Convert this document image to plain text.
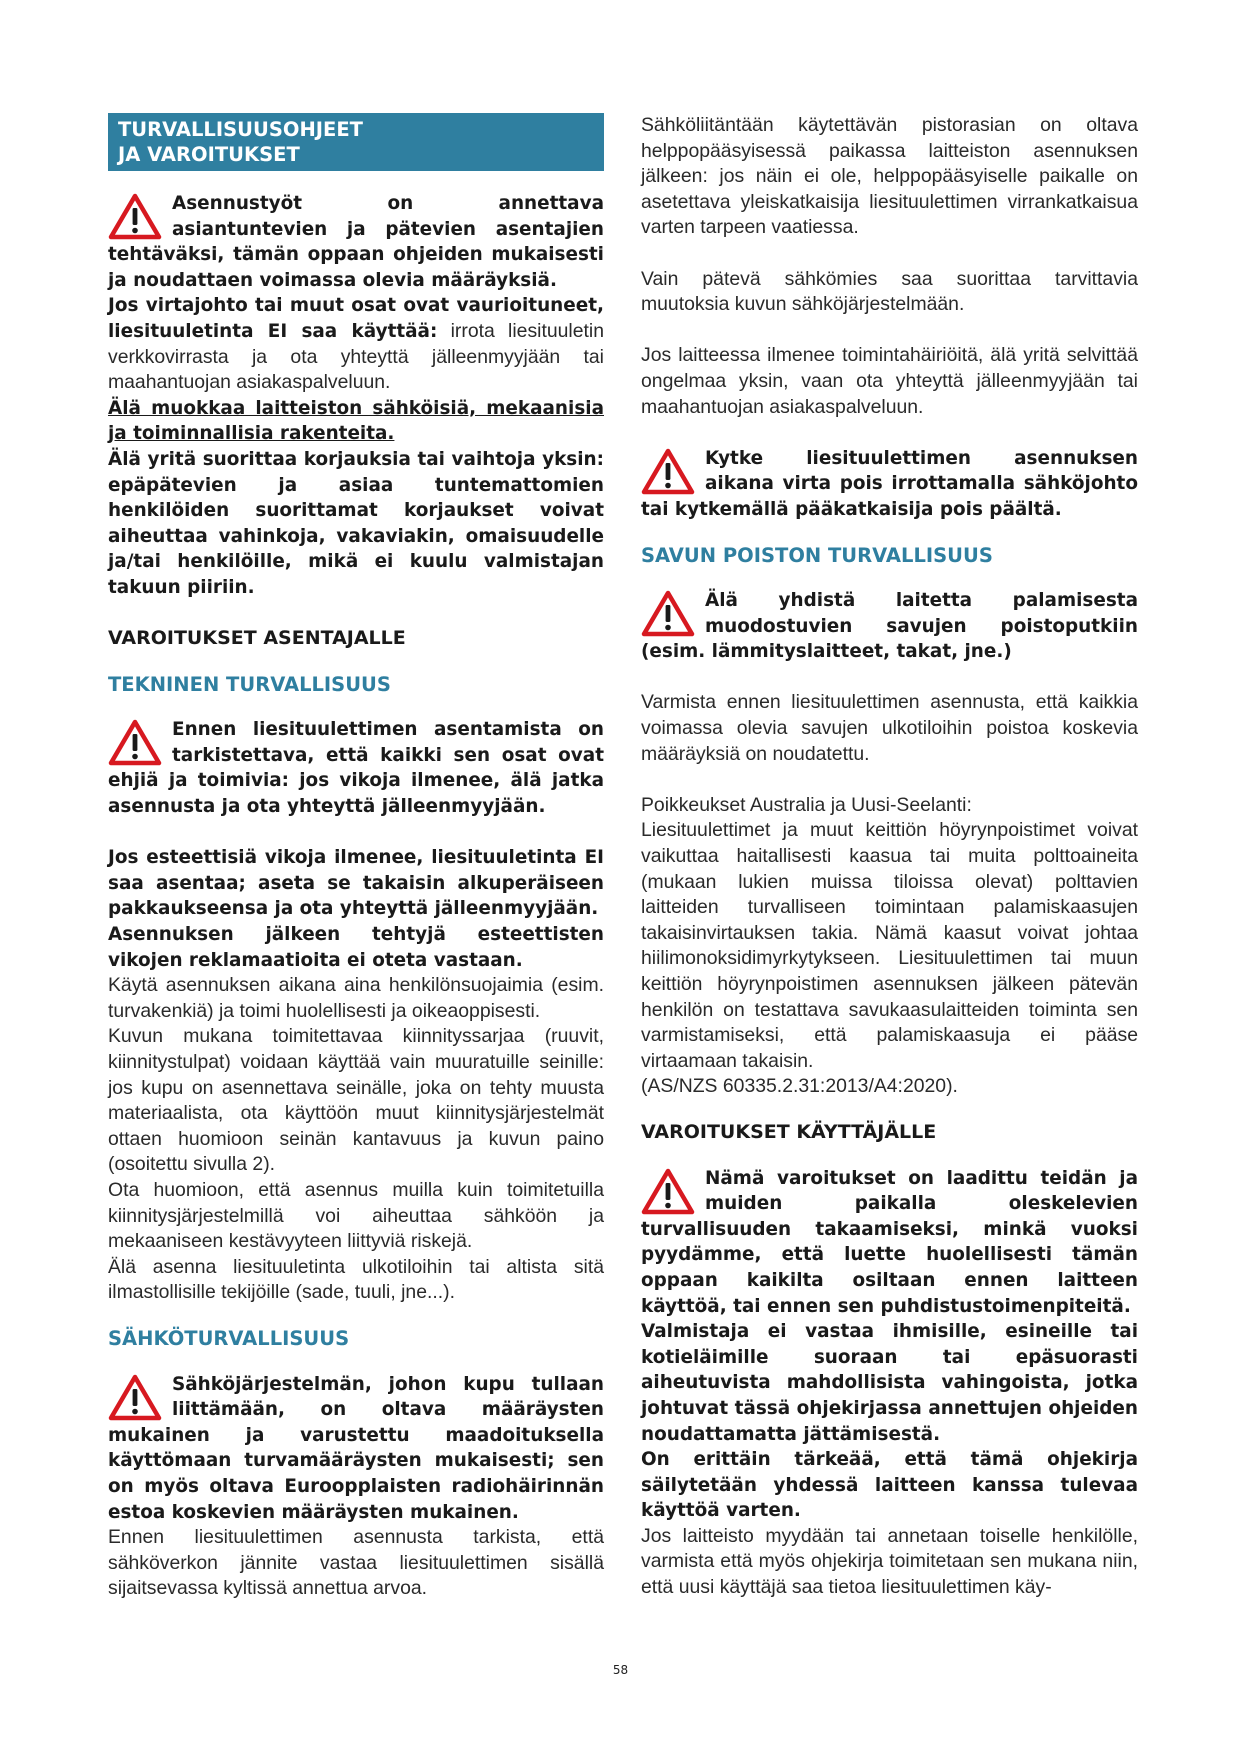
TURVALLISUUSOHJEET
JA VAROITUKSET

Asennustyöt on annettava asiantuntevien ja pätevien asentajien tehtäväksi, tämän oppaan ohjeiden mukaisesti ja noudattaen voimassa olevia määräyksiä.

Jos virtajohto tai muut osat ovat vaurioituneet, liesituuletinta EI saa käyttää: irrota liesituuletin verkkovirrasta ja ota yhteyttä jälleenmyyjään tai maahantuojan asiakaspalveluun.

Älä muokkaa laitteiston sähköisiä, mekaanisia ja toiminnallisia rakenteita.

Älä yritä suorittaa korjauksia tai vaihtoja yksin: epäpätevien ja asiaa tuntemattomien henkilöiden suorittamat korjaukset voivat aiheuttaa vahinkoja, vakaviakin, omaisuudelle ja/tai henkilöille, mikä ei kuulu valmistajan takuun piiriin.

VAROITUKSET ASENTAJALLE
TEKNINEN TURVALLISUUS

Ennen liesituulettimen asentamista on tarkistettava, että kaikki sen osat ovat ehjiä ja toimivia: jos vikoja ilmenee, älä jatka asennusta ja ota yhteyttä jälleenmyyjään.

Jos esteettisiä vikoja ilmenee, liesituuletinta EI saa asentaa; aseta se takaisin alkuperäiseen pakkaukseensa ja ota yhteyttä jälleenmyyjään.

Asennuksen jälkeen tehtyjä esteettisten vikojen reklamaatioita ei oteta vastaan.

Käytä asennuksen aikana aina henkilönsuojaimia (esim. turvakenkiä) ja toimi huolellisesti ja oikeaoppisesti.

Kuvun mukana toimitettavaa kiinnityssarjaa (ruuvit, kiinnitystulpat) voidaan käyttää vain muuratuille seinille: jos kupu on asennettava seinälle, joka on tehty muusta materiaalista, ota käyttöön muut kiinnitysjärjestelmät ottaen huomioon seinän kantavuus ja kuvun paino (osoitettu sivulla 2).

Ota huomioon, että asennus muilla kuin toimitetuilla kiinnitysjärjestelmillä voi aiheuttaa sähköön ja mekaaniseen kestävyyteen liittyviä riskejä.

Älä asenna liesituuletinta ulkotiloihin tai altista sitä ilmastollisille tekijöille (sade, tuuli, jne...).

SÄHKÖTURVALLISUUS

Sähköjärjestelmän, johon kupu tullaan liittämään, on oltava määräysten mukainen ja varustettu maadoituksella käyttömaan turvamääräysten mukaisesti; sen on myös oltava Euroopplaisten radiohäirinnän estoa koskevien määräysten mukainen.

Ennen liesituulettimen asennusta tarkista, että sähköverkon jännite vastaa liesituulettimen sisällä sijaitsevassa kyltissä annettua arvoa.

Sähköliitäntään käytettävän pistorasian on oltava helppopääsyisessä paikassa laitteiston asennuksen jälkeen: jos näin ei ole, helppopääsyiselle paikalle on asetettava yleiskatkaisija liesituulettimen virrankatkaisua varten tarpeen vaatiessa.

Vain pätevä sähkömies saa suorittaa tarvittavia muutoksia kuvun sähköjärjestelmään.

Jos laitteessa ilmenee toimintahäiriöitä, älä yritä selvittää ongelmaa yksin, vaan ota yhteyttä jälleenmyyjään tai maahantuojan asiakaspalveluun.

Kytke liesituulettimen asennuksen aikana virta pois irrottamalla sähköjohto tai kytkemällä pääkatkaisija pois päältä.

SAVUN POISTON TURVALLISUUS

Älä yhdistä laitetta palamisesta muodostuvien savujen poistoputkiin (esim. lämmityslaitteet, takat, jne.)

Varmista ennen liesituulettimen asennusta, että kaikkia voimassa olevia savujen ulkotiloihin poistoa koskevia määräyksiä on noudatettu.

Poikkeukset Australia ja Uusi-Seelanti:

Liesituulettimet ja muut keittiön höyrynpoistimet voivat vaikuttaa haitallisesti kaasua tai muita polttoaineita (mukaan lukien muissa tiloissa olevat) polttavien laitteiden turvalliseen toimintaan palamiskaasujen takaisinvirtauksen takia. Nämä kaasut voivat johtaa hiilimonoksidimyrkytykseen. Liesituulettimen tai muun keittiön höyrynpoistimen asennuksen jälkeen pätevän henkilön on testattava savukaasulaitteiden toiminta sen varmistamiseksi, että palamiskaasuja ei pääse virtaamaan takaisin.

(AS/NZS 60335.2.31:2013/A4:2020).

VAROITUKSET KÄYTTÄJÄLLE

Nämä varoitukset on laadittu teidän ja muiden paikalla oleskelevien turvallisuuden takaamiseksi, minkä vuoksi pyydämme, että luette huolellisesti tämän oppaan kaikilta osiltaan ennen laitteen käyttöä, tai ennen sen puhdistustoimenpiteitä.

Valmistaja ei vastaa ihmisille, esineille tai kotieläimille suoraan tai epäsuorasti aiheutuvista mahdollisista vahingoista, jotka johtuvat tässä ohjekirjassa annettujen ohjeiden noudattamatta jättämisestä.

On erittäin tärkeää, että tämä ohjekirja säilytetään yhdessä laitteen kanssa tulevaa käyttöä varten.

Jos laitteisto myydään tai annetaan toiselle henkilölle, varmista että myös ohjekirja toimitetaan sen mukana niin, että uusi käyttäjä saa tietoa liesituulettimen käy-

58
